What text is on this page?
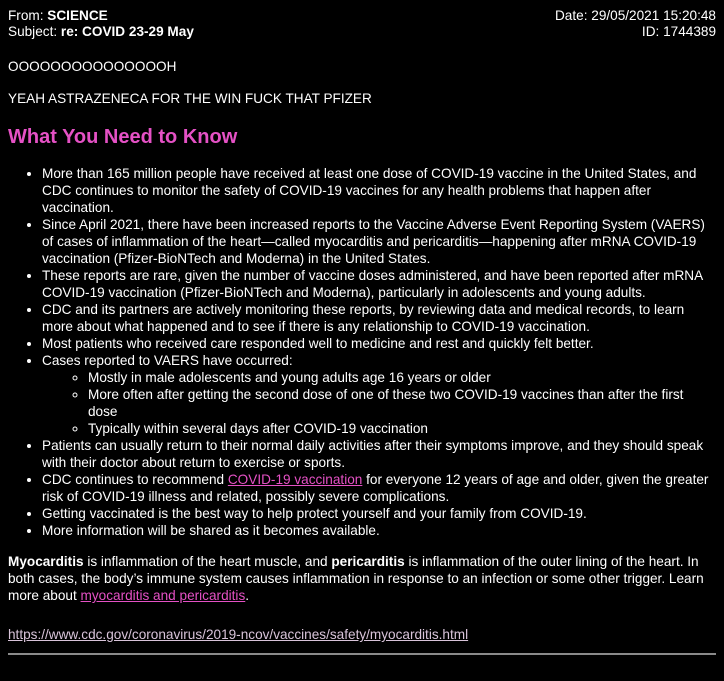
From: SCIENCE
Subject: re: COVID 23-29 May
Date: 29/05/2021 15:20:48
ID: 1744389

OOOOOOOOOOOOOOOH

YEAH ASTRAZENECA FOR THE WIN FUCK THAT PFIZER

What You Need to Know
• More than 165 million people have received at least one dose of COVID-19 vaccine in the United States, and CDC continues to monitor the safety of COVID-19 vaccines for any health problems that happen after vaccination.
• Since April 2021, there have been increased reports to the Vaccine Adverse Event Reporting System (VAERS) of cases of inflammation of the heart—called myocarditis and pericarditis—happening after mRNA COVID-19 vaccination (Pfizer-BioNTech and Moderna) in the United States.
• These reports are rare, given the number of vaccine doses administered, and have been reported after mRNA COVID-19 vaccination (Pfizer-BioNTech and Moderna), particularly in adolescents and young adults.
• CDC and its partners are actively monitoring these reports, by reviewing data and medical records, to learn more about what happened and to see if there is any relationship to COVID-19 vaccination.
• Most patients who received care responded well to medicine and rest and quickly felt better.
• Cases reported to VAERS have occurred:
◦ Mostly in male adolescents and young adults age 16 years or older
◦ More often after getting the second dose of one of these two COVID-19 vaccines than after the first dose
◦ Typically within several days after COVID-19 vaccination
• Patients can usually return to their normal daily activities after their symptoms improve, and they should speak with their doctor about return to exercise or sports.
• CDC continues to recommend COVID-19 vaccination for everyone 12 years of age and older, given the greater risk of COVID-19 illness and related, possibly severe complications.
• Getting vaccinated is the best way to help protect yourself and your family from COVID-19.
• More information will be shared as it becomes available.

Myocarditis is inflammation of the heart muscle, and pericarditis is inflammation of the outer lining of the heart. In both cases, the body’s immune system causes inflammation in response to an infection or some other trigger. Learn more about myocarditis and pericarditis.

https://www.cdc.gov/coronavirus/2019-ncov/vaccines/safety/myocarditis.html
